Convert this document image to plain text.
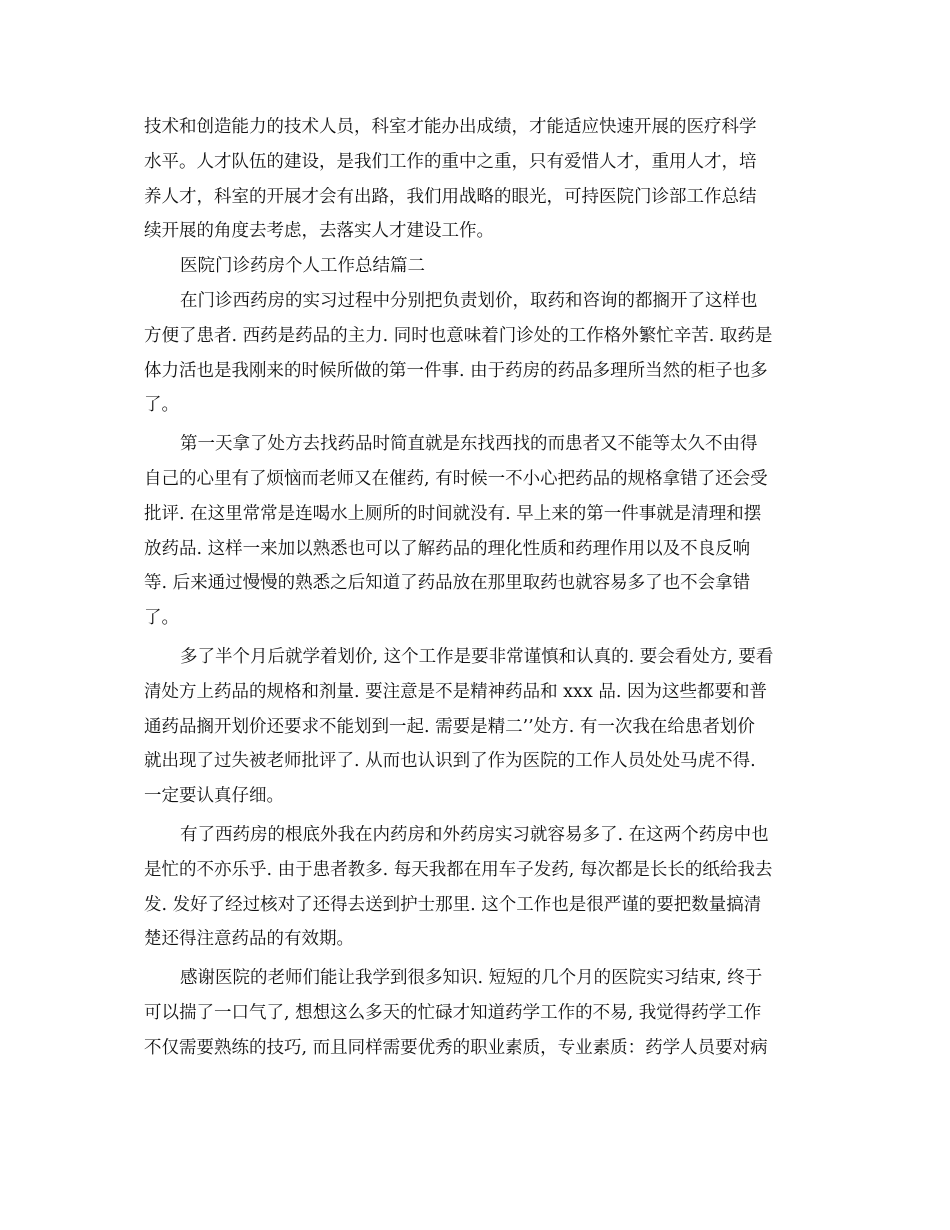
技术和创造能力的技术人员，科室才能办出成绩，才能适应快速开展的医疗科学
水平。人才队伍的建设，是我们工作的重中之重，只有爱惜人才，重用人才，培
养人才，科室的开展才会有出路，我们用战略的眼光，可持医院门诊部工作总结
续开展的角度去考虑，去落实人才建设工作。
医院门诊药房个人工作总结篇二
在门诊西药房的实习过程中分别把负责划价，取药和咨询的都搁开了这样也
方便了患者. 西药是药品的主力. 同时也意味着门诊处的工作格外繁忙辛苦. 取药是
体力活也是我刚来的时候所做的第一件事. 由于药房的药品多理所当然的柜子也多
了。
第一天拿了处方去找药品时简直就是东找西找的而患者又不能等太久不由得
自己的心里有了烦恼而老师又在催药, 有时候一不小心把药品的规格拿错了还会受
批评. 在这里常常是连喝水上厕所的时间就没有. 早上来的第一件事就是清理和摆
放药品. 这样一来加以熟悉也可以了解药品的理化性质和药理作用以及不良反响
等. 后来通过慢慢的熟悉之后知道了药品放在那里取药也就容易多了也不会拿错
了。
多了半个月后就学着划价, 这个工作是要非常谨慎和认真的. 要会看处方, 要看
清处方上药品的规格和剂量. 要注意是不是精神药品和 xxx 品. 因为这些都要和普
通药品搁开划价还要求不能划到一起. 需要是精二’’处方. 有一次我在给患者划价
就出现了过失被老师批评了. 从而也认识到了作为医院的工作人员处处马虎不得.
一定要认真仔细。
有了西药房的根底外我在内药房和外药房实习就容易多了. 在这两个药房中也
是忙的不亦乐乎. 由于患者教多. 每天我都在用车子发药, 每次都是长长的纸给我去
发. 发好了经过核对了还得去送到护士那里. 这个工作也是很严谨的要把数量搞清
楚还得注意药品的有效期。
感谢医院的老师们能让我学到很多知识. 短短的几个月的医院实习结束, 终于
可以揣了一口气了, 想想这么多天的忙碌才知道药学工作的不易, 我觉得药学工作
不仅需要熟练的技巧, 而且同样需要优秀的职业素质，专业素质：药学人员要对病
